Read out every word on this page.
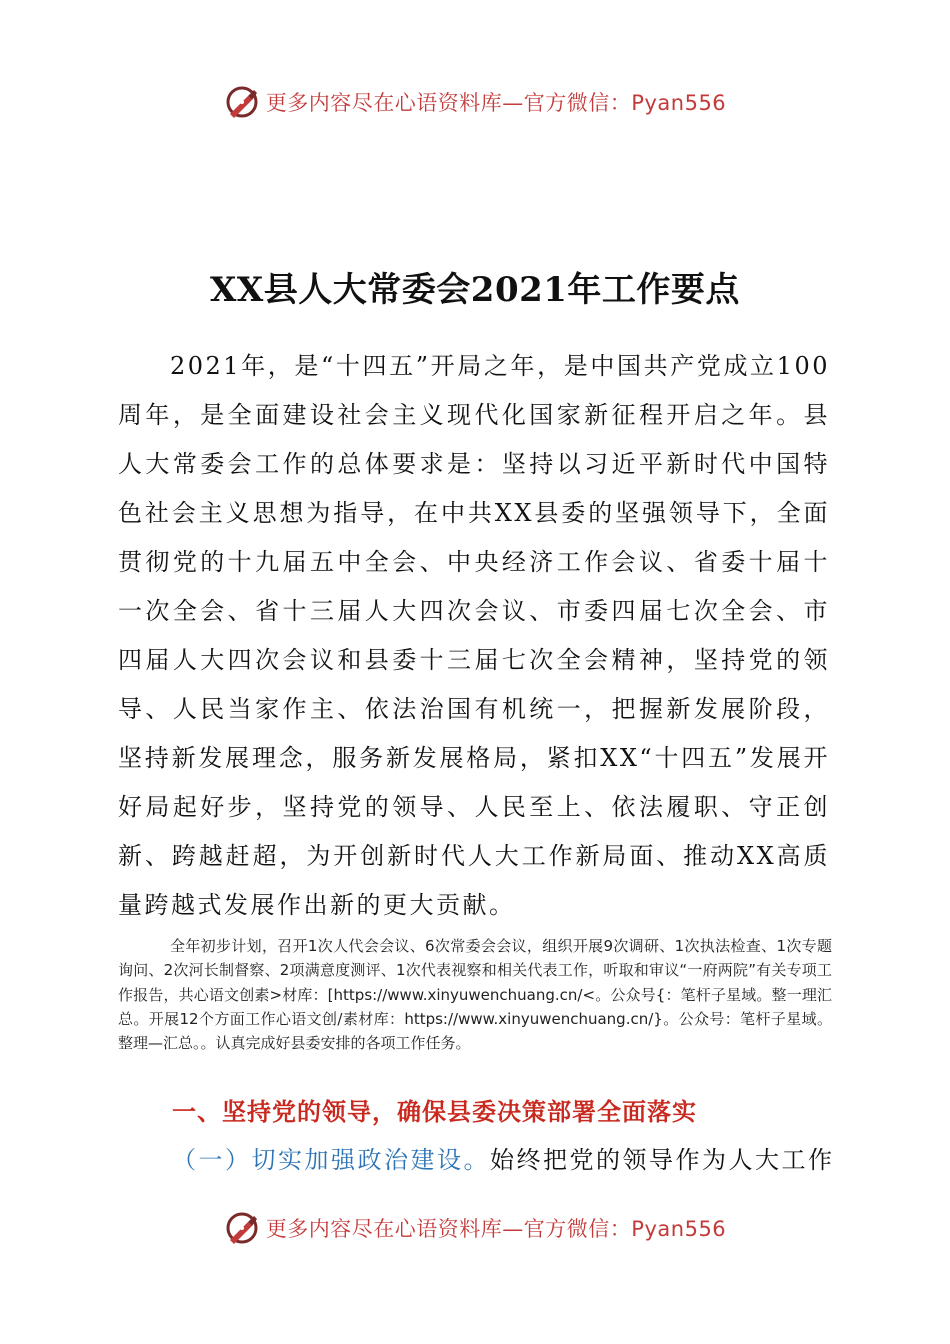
更多内容尽在心语资料库—官方微信：Pyan556
XX县人大常委会2021年工作要点

2021年，是“十四五”开局之年，是中国共产党成立100周年，是全面建设社会主义现代化国家新征程开启之年。县人大常委会工作的总体要求是：坚持以习近平新时代中国特色社会主义思想为指导，在中共XX县委的坚强领导下，全面贯彻党的十九届五中全会、中央经济工作会议、省委十届十一次全会、省十三届人大四次会议、市委四届七次全会、市四届人大四次会议和县委十三届七次全会精神，坚持党的领导、人民当家作主、依法治国有机统一，把握新发展阶段，坚持新发展理念，服务新发展格局，紧扣XX“十四五”发展开好局起好步，坚持党的领导、人民至上、依法履职、守正创新、跨越赶超，为开创新时代人大工作新局面、推动XX高质量跨越式发展作出新的更大贡献。

全年初步计划，召开1次人代会会议、6次常委会会议，组织开展9次调研、1次执法检查、1次专题询问、2次河长制督察、2项满意度测评、1次代表视察和相关代表工作，听取和审议“一府两院”有关专项工作报告，共心语文创素>材库：[https://www.xinyuwenchuang.cn/<。公众号{：笔杆子星域。整一理汇总。开展12个方面工作心语文创/素材库：https://www.xinyuwenchuang.cn/}。公众号：笔杆子星域。整理—汇总。。认真完成好县委安排的各项工作任务。

一、坚持党的领导，确保县委决策部署全面落实
（一）切实加强政治建设。始终把党的领导作为人大工作
更多内容尽在心语资料库—官方微信：Pyan556
